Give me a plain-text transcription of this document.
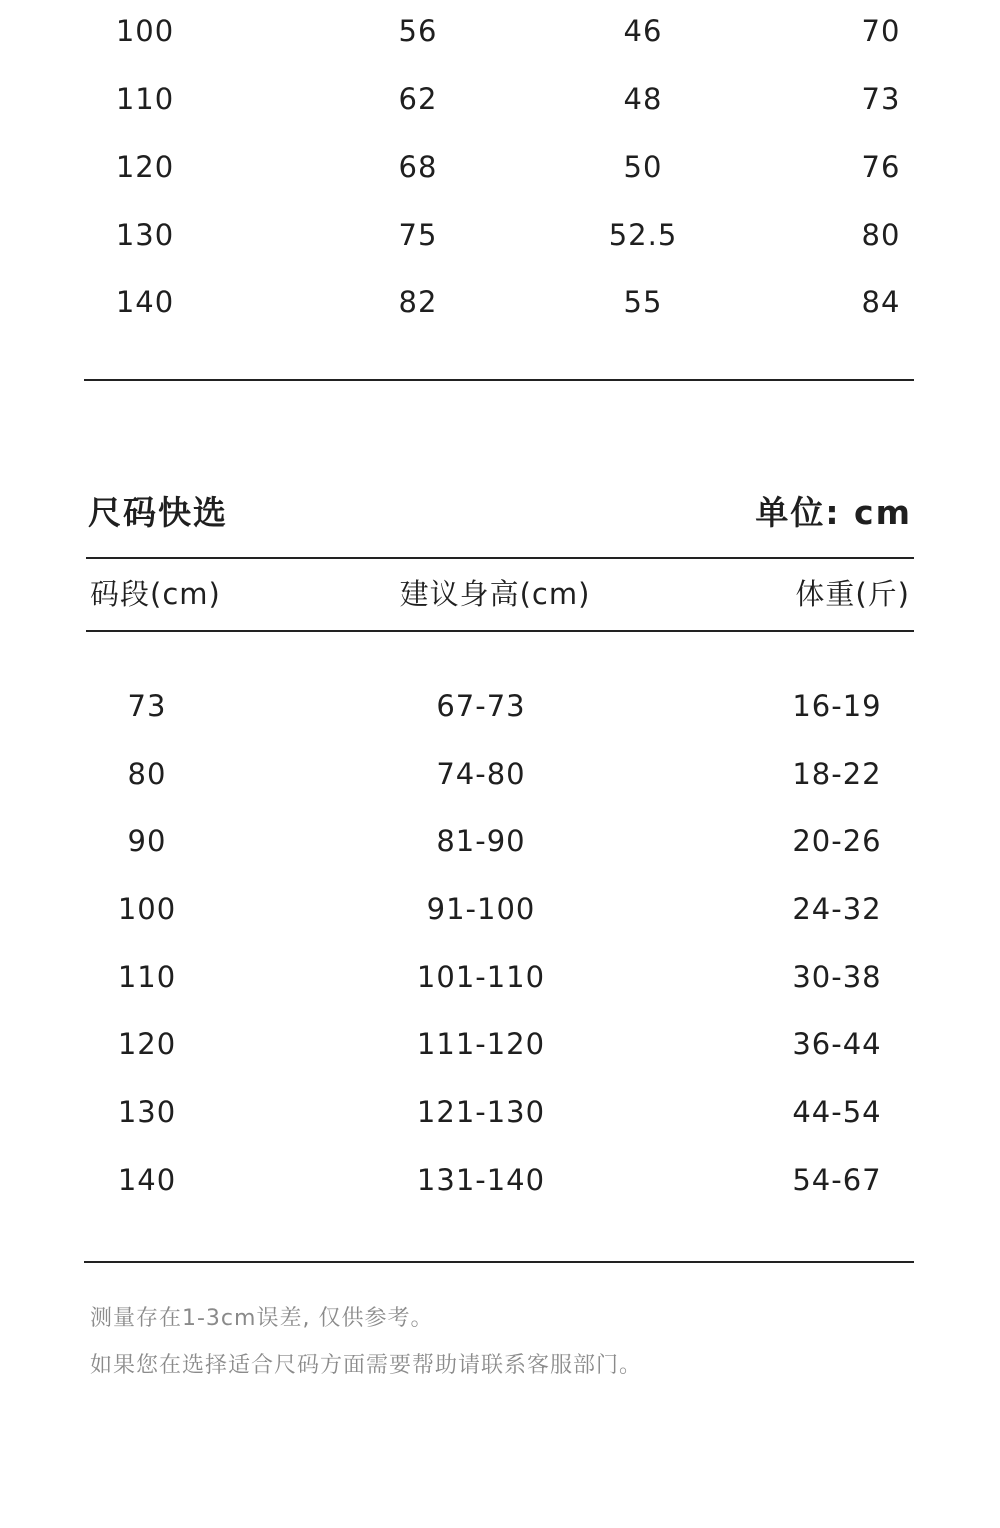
100	56	46	70
110	62	48	73
120	68	50	76
130	75	52.5	80
140	82	55	84
尺码快选	单位: cm
码段(cm)	建议身高(cm)	体重(斤)
73	67-73	16-19
80	74-80	18-22
90	81-90	20-26
100	91-100	24-32
110	101-110	30-38
120	111-120	36-44
130	121-130	44-54
140	131-140	54-67
测量存在1-3cm误差, 仅供参考。
如果您在选择适合尺码方面需要帮助请联系客服部门。
